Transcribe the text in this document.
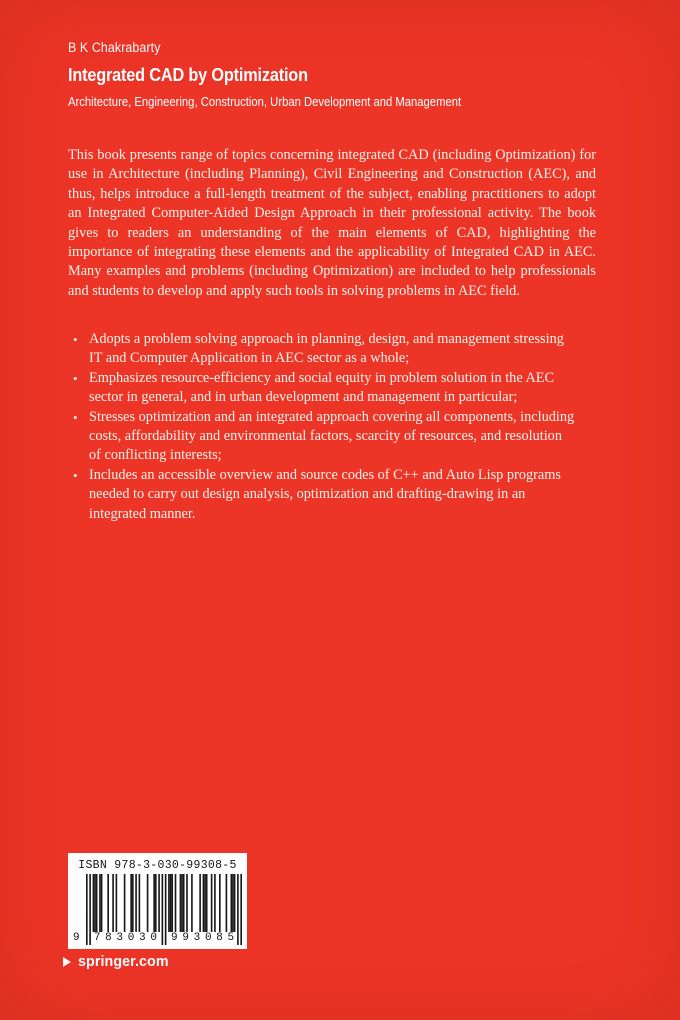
B K Chakrabarty
Integrated CAD by Optimization
Architecture, Engineering, Construction, Urban Development and Management

This book presents range of topics concerning integrated CAD (including Optimization) for use in Architecture (including Planning), Civil Engineering and Construction (AEC), and thus, helps introduce a full-length treatment of the subject, enabling practitioners to adopt an Integrated Computer-Aided Design Approach in their professional activity. The book gives to readers an understanding of the main elements of CAD, highlighting the importance of integrating these elements and the applicability of Integrated CAD in AEC. Many examples and problems (including Optimization) are included to help professionals and students to develop and apply such tools in solving problems in AEC field.

• Adopts a problem solving approach in planning, design, and management stressing IT and Computer Application in AEC sector as a whole;
• Emphasizes resource-efficiency and social equity in problem solution in the AEC sector in general, and in urban development and management in particular;
• Stresses optimization and an integrated approach covering all components, including costs, affordability and environmental factors, scarcity of resources, and resolution of conflicting interests;
• Includes an accessible overview and source codes of C++ and Auto Lisp programs needed to carry out design analysis, optimization and drafting-drawing in an integrated manner.
ISBN 978-3-030-99308-5
9	7 8 3 0 3 0 9 9 3 0 8 5
springer.com
